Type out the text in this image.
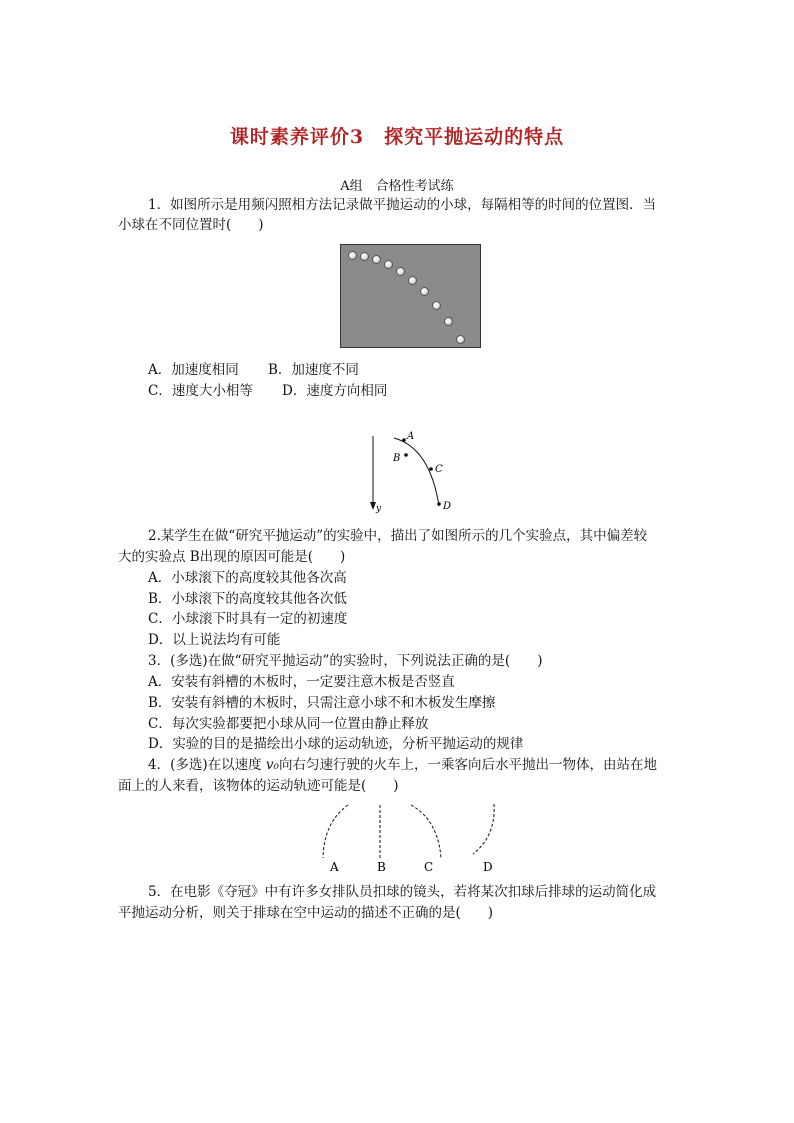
课时素养评价3　探究平抛运动的特点
A组　合格性考试练
1．如图所示是用频闪照相方法记录做平抛运动的小球，每隔相等的时间的位置图．当
小球在不同位置时(　　)
A．加速度相同 B．加速度不同
C．速度大小相等 D．速度方向相同
A
B
C
D
y
2.某学生在做“研究平抛运动”的实验中，描出了如图所示的几个实验点，其中偏差较
大的实验点 B出现的原因可能是(　　)
A．小球滚下的高度较其他各次高
B．小球滚下的高度较其他各次低
C．小球滚下时具有一定的初速度
D．以上说法均有可能
3．(多选)在做“研究平抛运动”的实验时，下列说法正确的是(　　)
A．安装有斜槽的木板时，一定要注意木板是否竖直
B．安装有斜槽的木板时，只需注意小球不和木板发生摩擦
C．每次实验都要把小球从同一位置由静止释放
D．实验的目的是描绘出小球的运动轨迹，分析平抛运动的规律
4．(多选)在以速度 v₀向右匀速行驶的火车上，一乘客向后水平抛出一物体，由站在地
面上的人来看，该物体的运动轨迹可能是(　　)
A	B	C	D
5．在电影《夺冠》中有许多女排队员扣球的镜头，若将某次扣球后排球的运动简化成
平抛运动分析，则关于排球在空中运动的描述不正确的是(　　)
